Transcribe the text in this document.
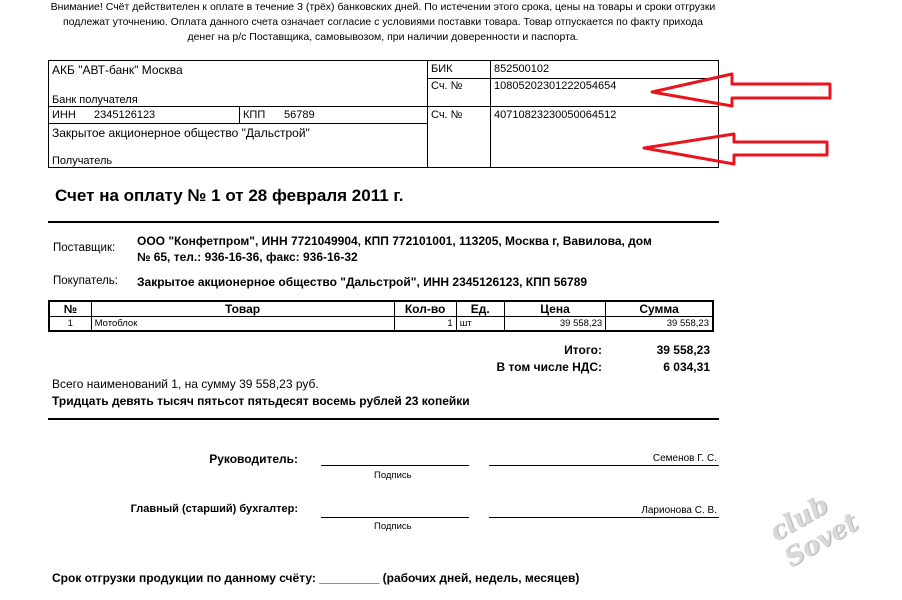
Внимание! Счёт действителен к оплате в течение 3 (трёх) банковских дней. По истечении этого срока, цены на товары и сроки отгрузки подлежат уточнению. Оплата данного счета означает согласие с условиями поставки товара. Товар отпускается по факту прихода денег на р/с Поставщика, самовывозом, при наличии доверенности и паспорта.
АКБ "АВТ-банк" Москва
Банк получателя
БИК	852500102
Сч. №	10805202301222054654
ИНН 2345126123	КПП 56789	Сч. №	40710823230050064512
Закрытое акционерное общество "Дальстрой"
Получатель
Счет на оплату № 1 от 28 февраля 2011 г.
Поставщик: ООО "Конфетпром", ИНН 7721049904, КПП 772101001, 113205, Москва г, Вавилова, дом
№ 65, тел.: 936-16-36, факс: 936-16-32
Покупатель: Закрытое акционерное общество "Дальстрой", ИНН 2345126123, КПП 56789
№	Товар	Кол-во	Ед.	Цена	Сумма
1	Мотоблок	1	шт	39 558,23	39 558,23
Итого:	39 558,23
В том числе НДС:	6 034,31
Всего наименований 1, на сумму 39 558,23 руб.
Тридцать девять тысяч пятьсот пятьдесят восемь рублей 23 копейки
Руководитель:	Семенов Г. С.
Подпись
Главный (старший) бухгалтер:	Ларионова С. В.
Подпись
Срок отгрузки продукции по данному счёту: _________ (рабочих дней, недель, месяцев)
club Sovet
